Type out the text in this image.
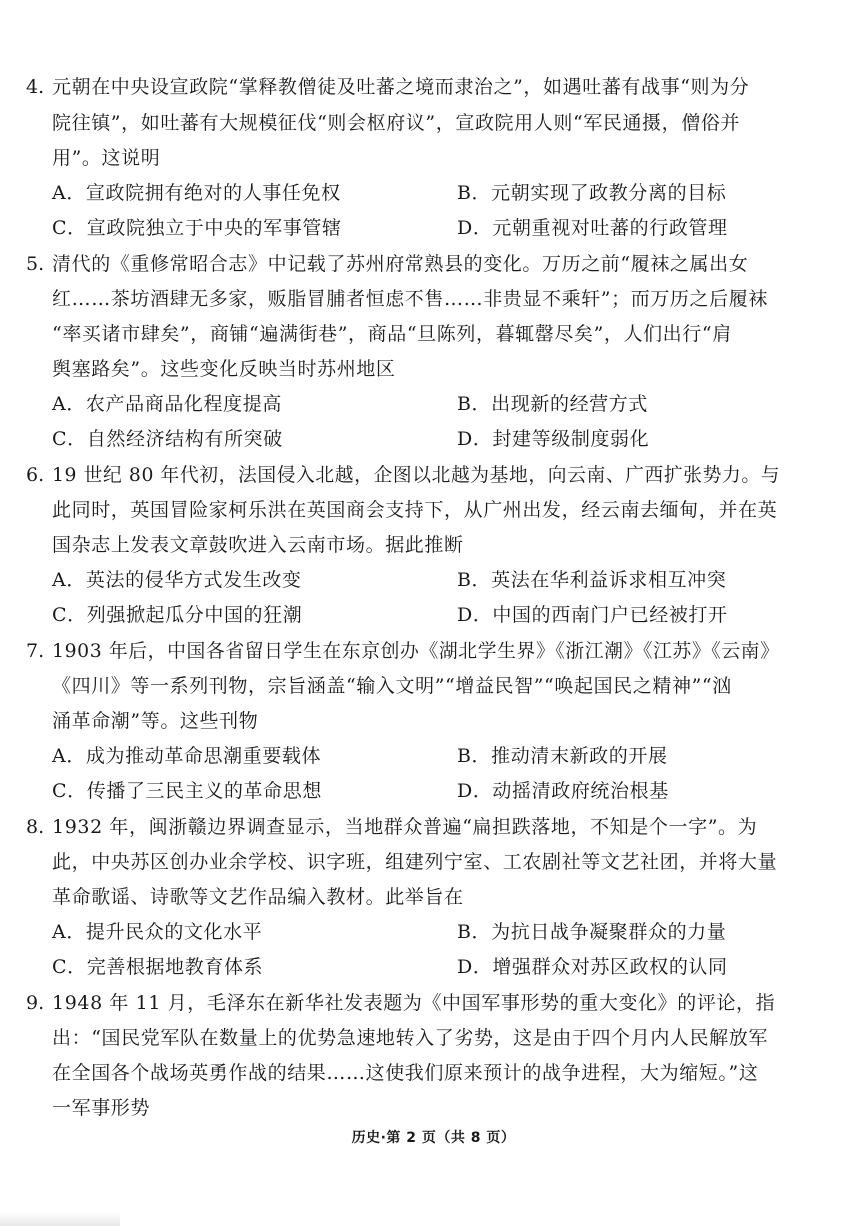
4. 元朝在中央设宣政院“掌释教僧徒及吐蕃之境而隶治之”，如遇吐蕃有战事“则为分
院往镇”，如吐蕃有大规模征伐“则会枢府议”，宣政院用人则“军民通摄，僧俗并
用”。这说明
A．宣政院拥有绝对的人事任免权	B．元朝实现了政教分离的目标
C．宣政院独立于中央的军事管辖	D．元朝重视对吐蕃的行政管理
5. 清代的《重修常昭合志》中记载了苏州府常熟县的变化。万历之前“履袜之属出女
红……茶坊酒肆无多家，贩脂冒脯者恒虑不售……非贵显不乘轩”；而万历之后履袜
“率买诸市肆矣”，商铺“遍满街巷”，商品“旦陈列，暮辄罄尽矣”，人们出行“肩
舆塞路矣”。这些变化反映当时苏州地区
A．农产品商品化程度提高	B．出现新的经营方式
C．自然经济结构有所突破	D．封建等级制度弱化
6. 19 世纪 80 年代初，法国侵入北越，企图以北越为基地，向云南、广西扩张势力。与
此同时，英国冒险家柯乐洪在英国商会支持下，从广州出发，经云南去缅甸，并在英
国杂志上发表文章鼓吹进入云南市场。据此推断
A．英法的侵华方式发生改变	B．英法在华利益诉求相互冲突
C．列强掀起瓜分中国的狂潮	D．中国的西南门户已经被打开
7. 1903 年后，中国各省留日学生在东京创办《湖北学生界》《浙江潮》《江苏》《云南》
《四川》等一系列刊物，宗旨涵盖“输入文明”“增益民智”“唤起国民之精神”“汹
涌革命潮”等。这些刊物
A．成为推动革命思潮重要载体	B．推动清末新政的开展
C．传播了三民主义的革命思想	D．动摇清政府统治根基
8. 1932 年，闽浙赣边界调查显示，当地群众普遍“扁担跌落地，不知是个一字”。为
此，中央苏区创办业余学校、识字班，组建列宁室、工农剧社等文艺社团，并将大量
革命歌谣、诗歌等文艺作品编入教材。此举旨在
A．提升民众的文化水平	B．为抗日战争凝聚群众的力量
C．完善根据地教育体系	D．增强群众对苏区政权的认同
9. 1948 年 11 月，毛泽东在新华社发表题为《中国军事形势的重大变化》的评论，指
出：“国民党军队在数量上的优势急速地转入了劣势，这是由于四个月内人民解放军
在全国各个战场英勇作战的结果……这使我们原来预计的战争进程，大为缩短。”这
一军事形势
历史·第 2 页（共 8 页）
